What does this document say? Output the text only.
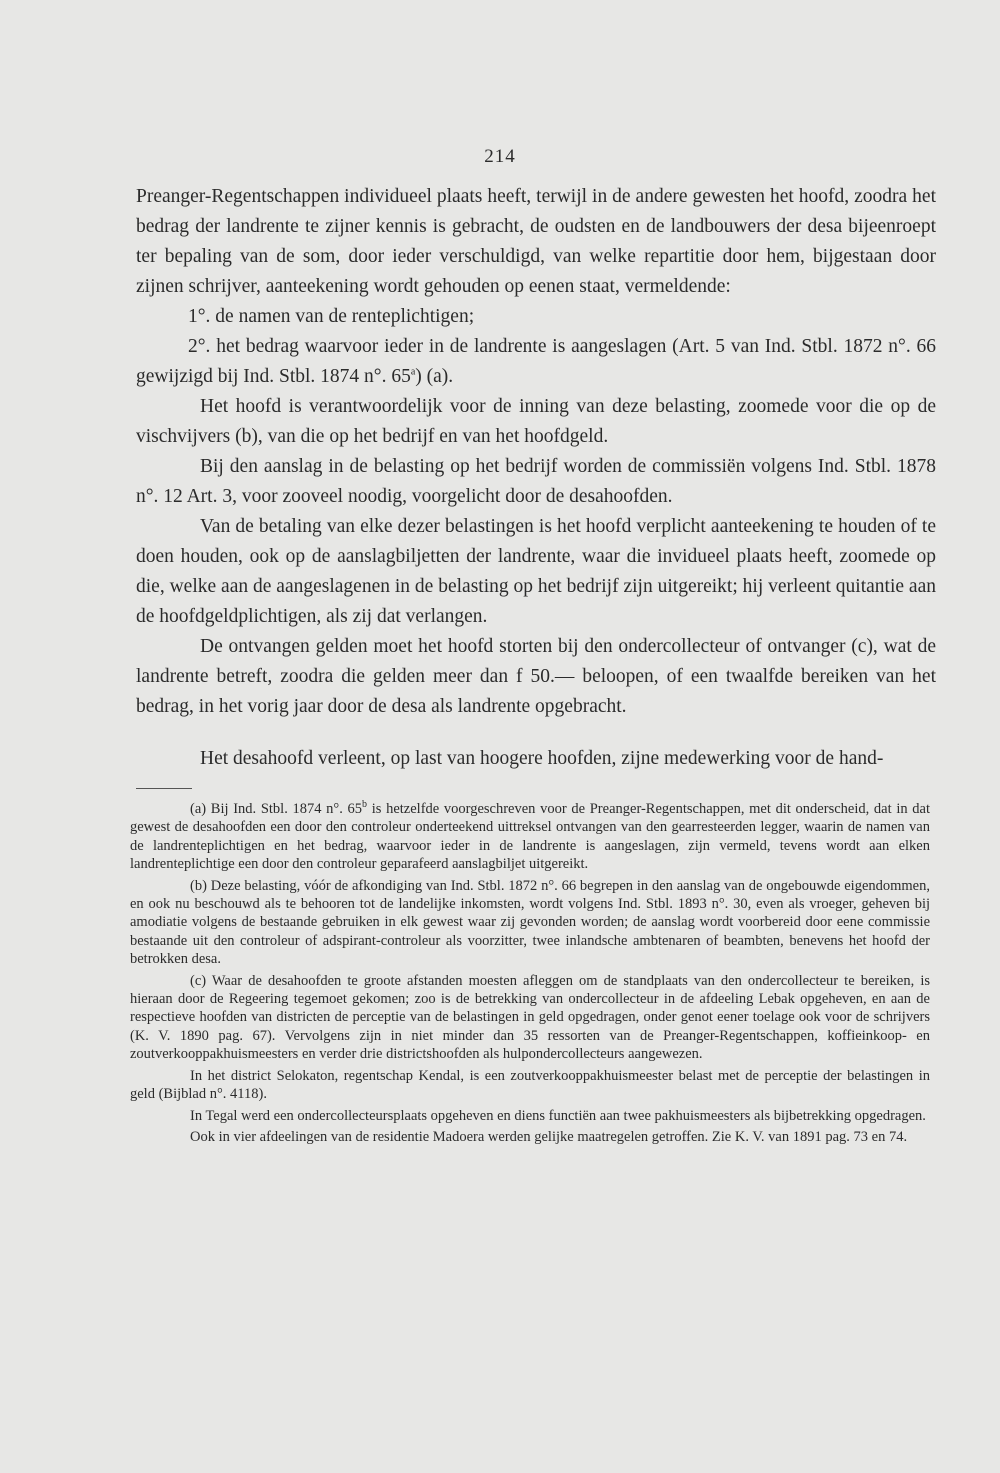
214

Preanger-Regentschappen individueel plaats heeft, terwijl in de andere gewesten het hoofd, zoodra het bedrag der landrente te zijner kennis is gebracht, de oudsten en de landbouwers der desa bijeenroept ter bepaling van de som, door ieder verschuldigd, van welke repartitie door hem, bijgestaan door zijnen schrijver, aanteekening wordt gehouden op eenen staat, vermeldende:

1°. de namen van de renteplichtigen;

2°. het bedrag waarvoor ieder in de landrente is aangeslagen (Art. 5 van Ind. Stbl. 1872 n°. 66 gewijzigd bij Ind. Stbl. 1874 n°. 65$^a$) (a).

Het hoofd is verantwoordelijk voor de inning van deze belasting, zoomede voor die op de vischvijvers (b), van die op het bedrijf en van het hoofdgeld.

Bij den aanslag in de belasting op het bedrijf worden de commissiën volgens Ind. Stbl. 1878 n°. 12 Art. 3, voor zooveel noodig, voorgelicht door de desahoofden.

Van de betaling van elke dezer belastingen is het hoofd verplicht aanteekening te houden of te doen houden, ook op de aanslagbiljetten der landrente, waar die invidueel plaats heeft, zoomede op die, welke aan de aangeslagenen in de belasting op het bedrijf zijn uitgereikt; hij verleent quitantie aan de hoofdgeldplichtigen, als zij dat verlangen.

De ontvangen gelden moet het hoofd storten bij den ondercollecteur of ontvanger (c), wat de landrente betreft, zoodra die gelden meer dan f 50.— beloopen, of een twaalfde bereiken van het bedrag, in het vorig jaar door de desa als landrente opgebracht.

Het desahoofd verleent, op last van hoogere hoofden, zijne medewerking voor de hand-

(a) Bij Ind. Stbl. 1874 n°. 65$^b$ is hetzelfde voorgeschreven voor de Preanger-Regentschappen, met dit onderscheid, dat in dat gewest de desahoofden een door den controleur onderteekend uittreksel ontvangen van den gearresteerden legger, waarin de namen van de landrenteplichtigen en het bedrag, waarvoor ieder in de landrente is aangeslagen, zijn vermeld, tevens wordt aan elken landrenteplichtige een door den controleur geparafeerd aanslagbiljet uitgereikt.

(b) Deze belasting, vóór de afkondiging van Ind. Stbl. 1872 n°. 66 begrepen in den aanslag van de ongebouwde eigendommen, en ook nu beschouwd als te behooren tot de landelijke inkomsten, wordt volgens Ind. Stbl. 1893 n°. 30, even als vroeger, geheven bij amodiatie volgens de bestaande gebruiken in elk gewest waar zij gevonden worden; de aanslag wordt voorbereid door eene commissie bestaande uit den controleur of adspirant-controleur als voorzitter, twee inlandsche ambtenaren of beambten, benevens het hoofd der betrokken desa.

(c) Waar de desahoofden te groote afstanden moesten afleggen om de standplaats van den ondercollecteur te bereiken, is hieraan door de Regeering tegemoet gekomen; zoo is de betrekking van ondercollecteur in de afdeeling Lebak opgeheven, en aan de respectieve hoofden van districten de perceptie van de belastingen in geld opgedragen, onder genot eener toelage ook voor de schrijvers (K. V. 1890 pag. 67). Vervolgens zijn in niet minder dan 35 ressorten van de Preanger-Regentschappen, koffieinkoop- en zoutverkooppakhuismeesters en verder drie districtshoofden als hulpondercollecteurs aangewezen.

In het district Selokaton, regentschap Kendal, is een zoutverkooppakhuismeester belast met de perceptie der belastingen in geld (Bijblad n°. 4118).

In Tegal werd een ondercollecteursplaats opgeheven en diens functiën aan twee pakhuismeesters als bijbetrekking opgedragen.

Ook in vier afdeelingen van de residentie Madoera werden gelijke maatregelen getroffen. Zie K. V. van 1891 pag. 73 en 74.
